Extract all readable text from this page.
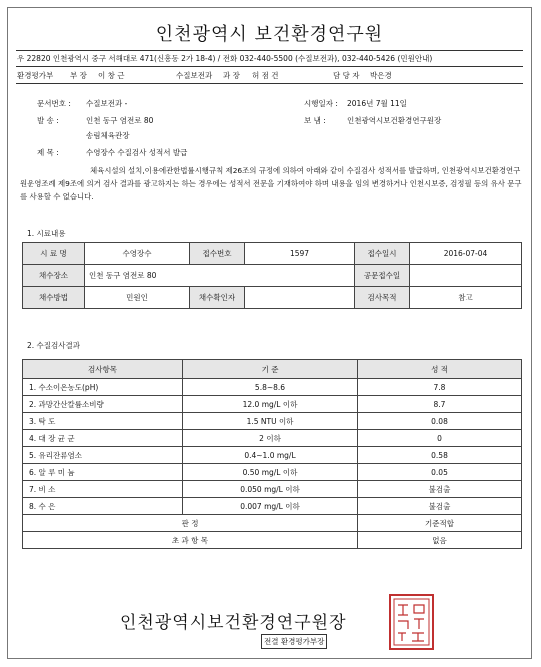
인천광역시 보건환경연구원
우 22820 인천광역시 중구 서해대로 471(신흥동 2가 18-4) / 전화 032-440-5500 (수질보전과), 032-440-5426 (민원안내)
환경평가부 부 장 이 창 근	수질보전과 과 장 허 점 건	담 당 자 박은경
문서번호 : 수질보전과 -	시행일자 : 2016년 7월 11일
발 송 :	인천 동구 염전로 80
송림체육관장
보 냄 :	인천광역시보건환경연구원장
제 목 :	수영장수 수질검사 성적서 발급
체육시설의 설치,이용에관한법률시행규칙 제26조의 규정에 의하여 아래와 같이 수질검사 성적서를 발급하며, 인천광역시보건환경연구원운영조례 제9조에 의거 검사 결과를 광고하지는 하는 경우에는 성적서 전문을 기재하여야 하며 내용을 임의 변경하거나 인천시보증, 검정필 등의 유사 문구를 사용할 수 없습니다.
1. 시료내용
시 료 명	수영장수	접수번호	1597	접수일시	2016-07-04
채수장소	인천 동구 염전로 80			공문접수일	
채수방법	민원인	채수확인자		검사목적	참고
2. 수질검사결과
검사항목	기 준	성 적
1. 수소이온농도(pH)	5.8~8.6	7.8
2. 과망간산칼륨소비량	12.0 mg/L 이하	8.7
3. 탁 도	1.5 NTU 이하	0.08
4. 대 장 균 군	2 이하	0
5. 유리잔류염소	0.4~1.0 mg/L	0.58
6. 알 루 미 늄	0.50 mg/L 이하	0.05
7. 비 소	0.050 mg/L 이하	불검출
8. 수 은	0.007 mg/L 이하	불검출
판 정		기준적합
초 과 항 목		없음
인천광역시보건환경연구원장
전결 환경평가부장
